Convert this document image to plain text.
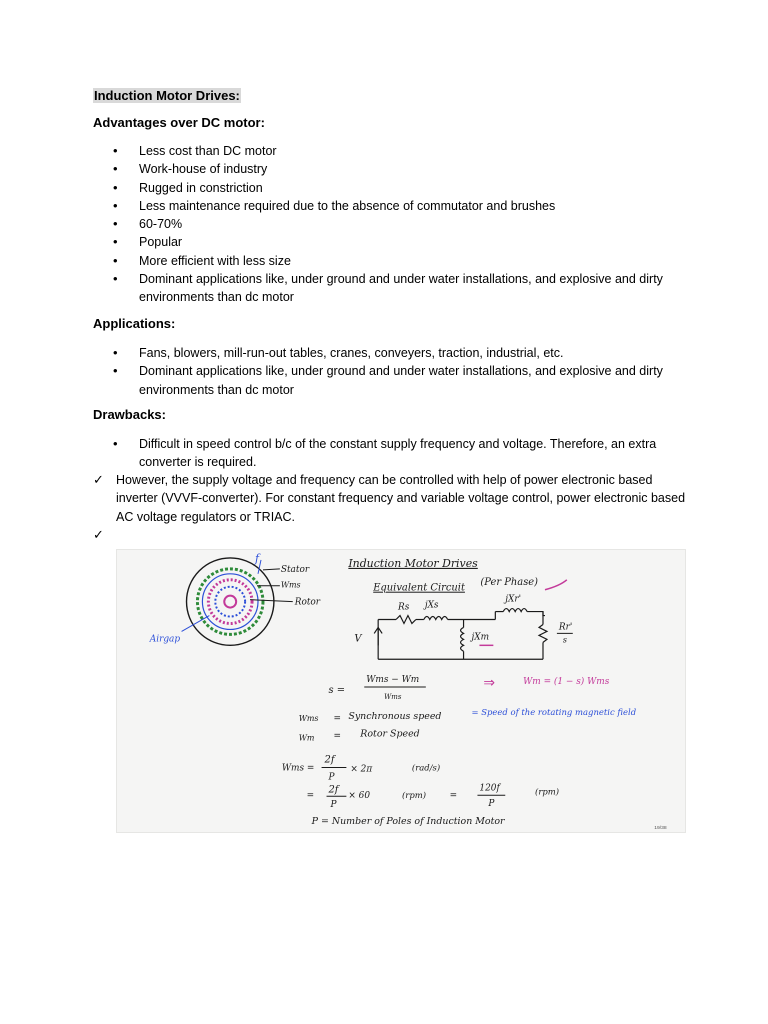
Induction Motor Drives:
Advantages over DC motor:
• Less cost than DC motor
• Work-house of industry
• Rugged in constriction
• Less maintenance required due to the absence of commutator and brushes
• 60-70%
• Popular
• More efficient with less size
• Dominant applications like, under ground and under water installations, and explosive and dirty environments than dc motor
Applications:
• Fans, blowers, mill-run-out tables, cranes, conveyers, traction, industrial, etc.
• Dominant applications like, under ground and under water installations, and explosive and dirty environments than dc motor
Drawbacks:
• Difficult in speed control b/c of the constant supply frequency and voltage. Therefore, an extra converter is required.
✓ However, the supply voltage and frequency can be controlled with help of power electronic based inverter (VVVF-converter). For constant frequency and variable voltage control, power electronic based AC voltage regulators or TRIAC.
✓
Stator
Wms
Rotor
f
Airgap
Induction Motor Drives
Equivalent Circuit
(Per Phase)
Rs jXs
jXr'
jXm
Rr'
s
V
s =
Wms − Wm
Wms
⇒	Wm = (1 − s) Wms
Wms = Synchronous speed	= Speed of the rotating magnetic field
Wm = Rotor Speed
Wms =
2f
P
× 2π	(rad/s)
=
2f
P
× 60	(rpm)	=
120f
P
(rpm)
P = Number of Poles of Induction Motor
19/38
